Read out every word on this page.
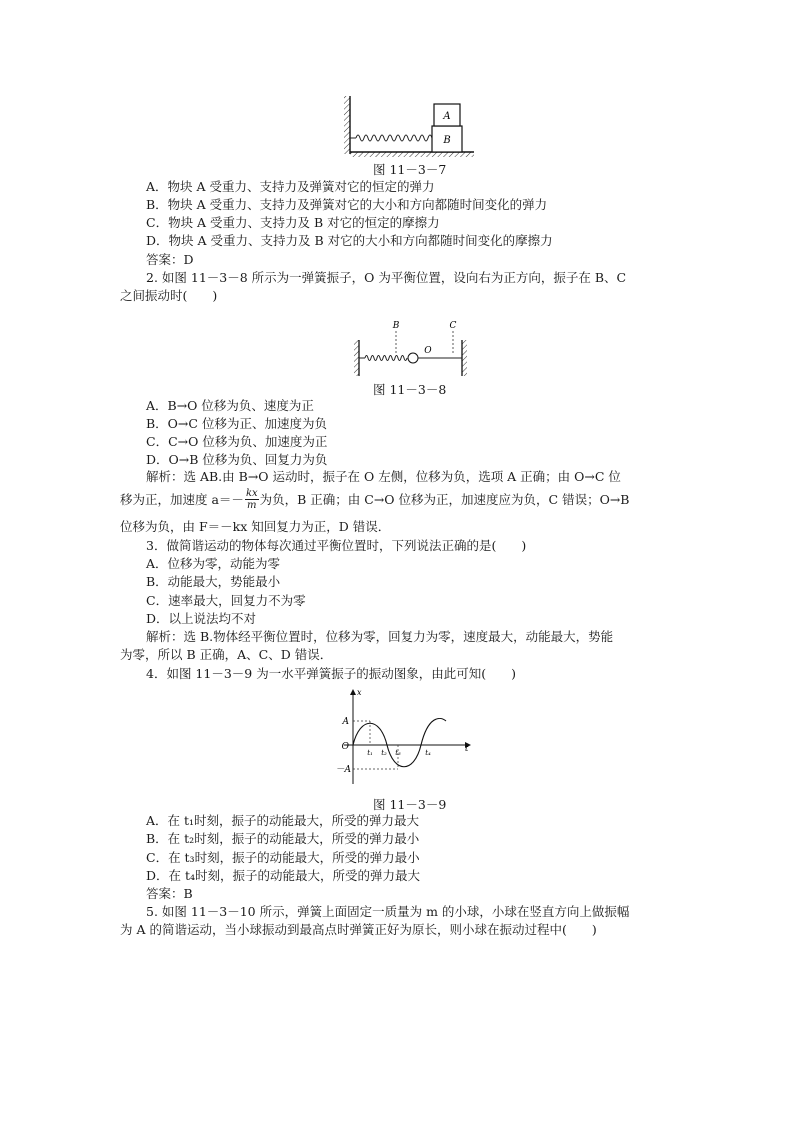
B
A
图 11－3－7
A．物块 A 受重力、支持力及弹簧对它的恒定的弹力
B．物块 A 受重力、支持力及弹簧对它的大小和方向都随时间变化的弹力
C．物块 A 受重力、支持力及 B 对它的恒定的摩擦力
D．物块 A 受重力、支持力及 B 对它的大小和方向都随时间变化的摩擦力
答案：D
2. 如图 11－3－8 所示为一弹簧振子，O 为平衡位置，设向右为正方向，振子在 B、C
之间振动时(　　)
B	C
O
图 11－3－8
A．B→O 位移为负、速度为正
B．O→C 位移为正、加速度为负
C．C→O 位移为负、加速度为正
D．O→B 位移为负、回复力为负
解析：选 AB.由 B→O 运动时，振子在 O 左侧，位移为负，选项 A 正确；由 O→C 位
移为正，加速度 $a=- \frac{kx}{m}$ 为负，B 正确；由 C→O 位移为正，加速度应为负，C 错误；O→B
位移为负，由 F＝－kx 知回复力为正，D 错误．
3．做简谐运动的物体每次通过平衡位置时，下列说法正确的是(　　)
A．位移为零，动能为零
B．动能最大，势能最小
C．速率最大，回复力不为零
D．以上说法均不对
解析：选 B.物体经平衡位置时，位移为零，回复力为零，速度最大，动能最大，势能
为零，所以 B 正确，A、C、D 错误．
4．如图 11－3－9 为一水平弹簧振子的振动图象，由此可知(　　)
x
t
A
O
－A
t₁ t₂ t₃	t₄
图 11－3－9
A．在 t₁时刻，振子的动能最大，所受的弹力最大
B．在 t₂时刻，振子的动能最大，所受的弹力最小
C．在 t₃时刻，振子的动能最大，所受的弹力最小
D．在 t₄时刻，振子的动能最大，所受的弹力最大
答案：B
5. 如图 11－3－10 所示，弹簧上面固定一质量为 m 的小球，小球在竖直方向上做振幅
为 A 的简谐运动，当小球振动到最高点时弹簧正好为原长，则小球在振动过程中(　　)
